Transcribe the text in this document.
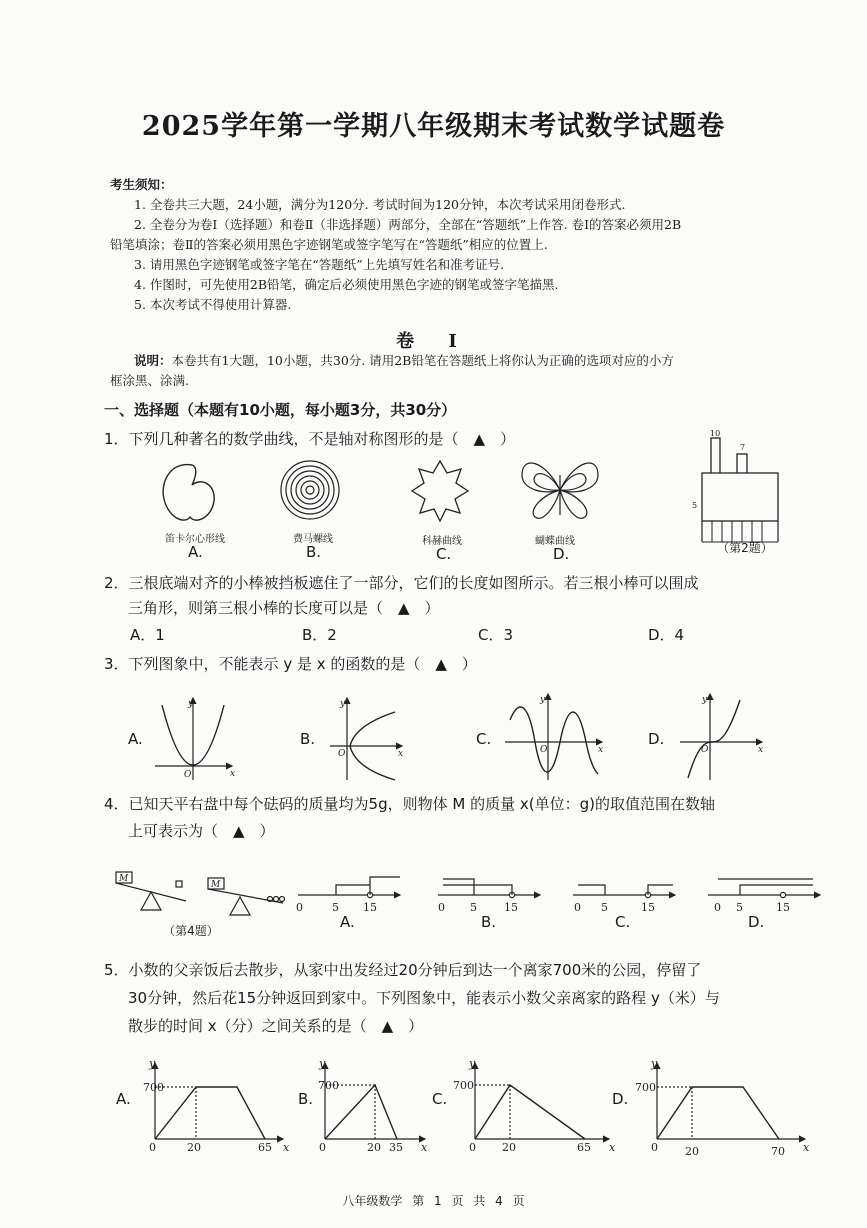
2025学年第一学期八年级期末考试数学试题卷

考生须知：

1. 全卷共三大题，24小题，满分为120分. 考试时间为120分钟，本次考试采用闭卷形式.

2. 全卷分为卷Ⅰ（选择题）和卷Ⅱ（非选择题）两部分，全部在“答题纸”上作答. 卷Ⅰ的答案必须用2B

铅笔填涂；卷Ⅱ的答案必须用黑色字迹钢笔或签字笔写在“答题纸”相应的位置上.

3. 请用黑色字迹钢笔或签字笔在“答题纸”上先填写姓名和准考证号.

4. 作图时，可先使用2B铅笔，确定后必须使用黑色字迹的钢笔或签字笔描黑.

5. 本次考试不得使用计算器.

卷 Ⅰ
说明：本卷共有1大题，10小题，共30分. 请用2B铅笔在答题纸上将你认为正确的选项对应的小方
框涂黑、涂满.
一、选择题（本题有10小题，每小题3分，共30分）
1．下列几种著名的数学曲线，不是轴对称图形的是（　▲　）
笛卡尔心形线	费马螺线	科赫曲线	蝴蝶曲线
A.	B.	C.	D.
10
7
5
（第2题）
2．三根底端对齐的小棒被挡板遮住了一部分，它们的长度如图所示。若三根小棒可以围成
三角形，则第三根小棒的长度可以是（　▲　）
A．1	B．2	C．3	D．4
3．下列图象中，不能表示 y 是 x 的函数的是（　▲　）
A.	B.	C.	D.
y
x
O
y
x
O
y
x
O
y
x
O
4．已知天平右盘中每个砝码的质量均为5g，则物体 M 的质量 x(单位：g)的取值范围在数轴
上可表示为（　▲　）
M
M
0	5 15	0 5 15	0 5	15	0 5	15
（第4题）	A.	B.	C.	D.
5．小数的父亲饭后去散步，从家中出发经过20分钟后到达一个离家700米的公园，停留了
30分钟，然后花15分钟返回到家中。下列图象中，能表示小数父亲离家的路程 y（米）与
散步的时间 x（分）之间关系的是（　▲　）
A.	B.	C.	D.
700
y
0	20	65 x
700
y
0	20 35 x
700
y
0 20	65 x
700
y
0 20	70 x
八年级数学 第 1 页 共 4 页
